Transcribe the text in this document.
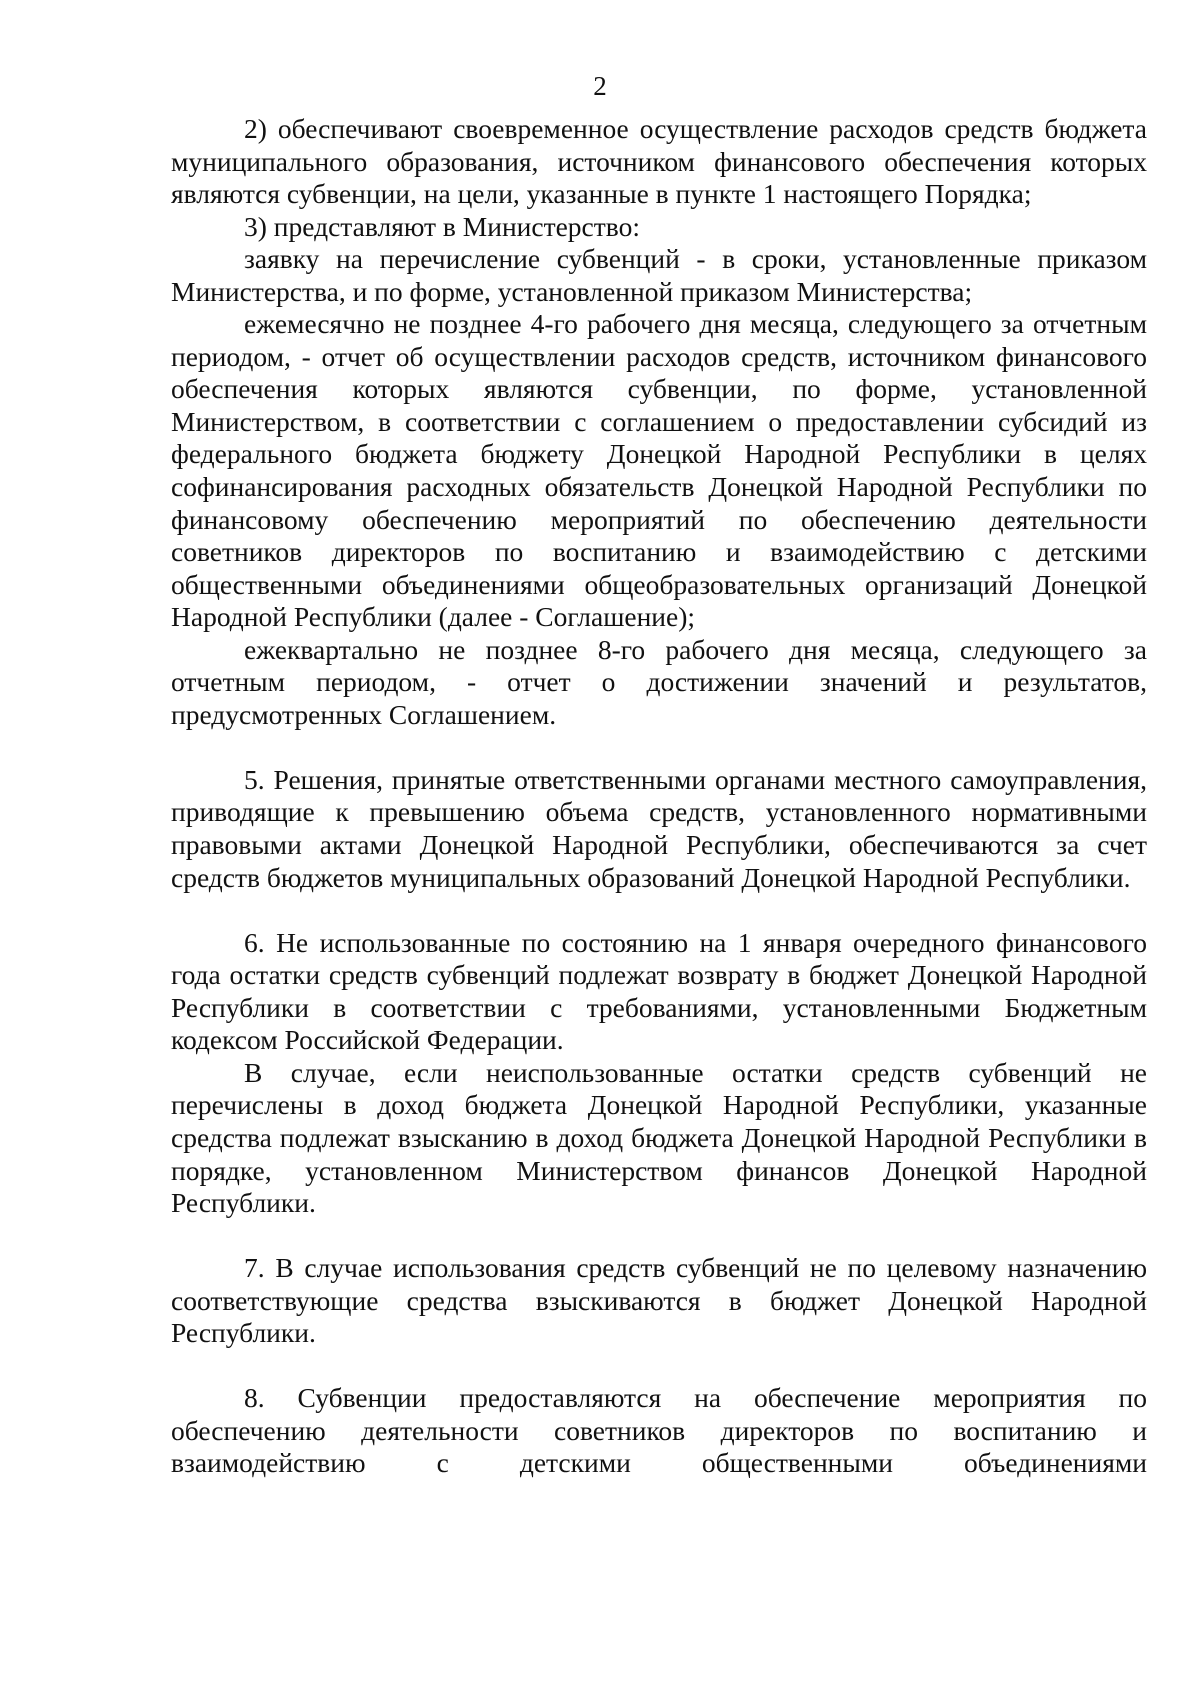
2

2) обеспечивают своевременное осуществление расходов средств бюджета муниципального образования, источником финансового обеспечения которых являются субвенции, на цели, указанные в пункте 1 настоящего Порядка;

3) представляют в Министерство:

заявку на перечисление субвенций - в сроки, установленные приказом Министерства, и по форме, установленной приказом Министерства;

ежемесячно не позднее 4-го рабочего дня месяца, следующего за отчетным периодом, - отчет об осуществлении расходов средств, источником финансового обеспечения которых являются субвенции, по форме, установленной Министерством, в соответствии с соглашением о предоставлении субсидий из федерального бюджета бюджету Донецкой Народной Республики в целях софинансирования расходных обязательств Донецкой Народной Республики по финансовому обеспечению мероприятий по обеспечению деятельности советников директоров по воспитанию и взаимодействию с детскими общественными объединениями общеобразовательных организаций Донецкой Народной Республики (далее - Соглашение);

ежеквартально не позднее 8-го рабочего дня месяца, следующего за отчетным периодом, - отчет о достижении значений и результатов, предусмотренных Соглашением.

5. Решения, принятые ответственными органами местного самоуправления, приводящие к превышению объема средств, установленного нормативными правовыми актами Донецкой Народной Республики, обеспечиваются за счет средств бюджетов муниципальных образований Донецкой Народной Республики.

6. Не использованные по состоянию на 1 января очередного финансового года остатки средств субвенций подлежат возврату в бюджет Донецкой Народной Республики в соответствии с требованиями, установленными Бюджетным кодексом Российской Федерации.

В случае, если неиспользованные остатки средств субвенций не перечислены в доход бюджета Донецкой Народной Республики, указанные средства подлежат взысканию в доход бюджета Донецкой Народной Республики в порядке, установленном Министерством финансов Донецкой Народной Республики.

7. В случае использования средств субвенций не по целевому назначению соответствующие средства взыскиваются в бюджет Донецкой Народной Республики.

8. Субвенции предоставляются на обеспечение мероприятия по обеспечению деятельности советников директоров по воспитанию и взаимодействию с детскими общественными объединениями
